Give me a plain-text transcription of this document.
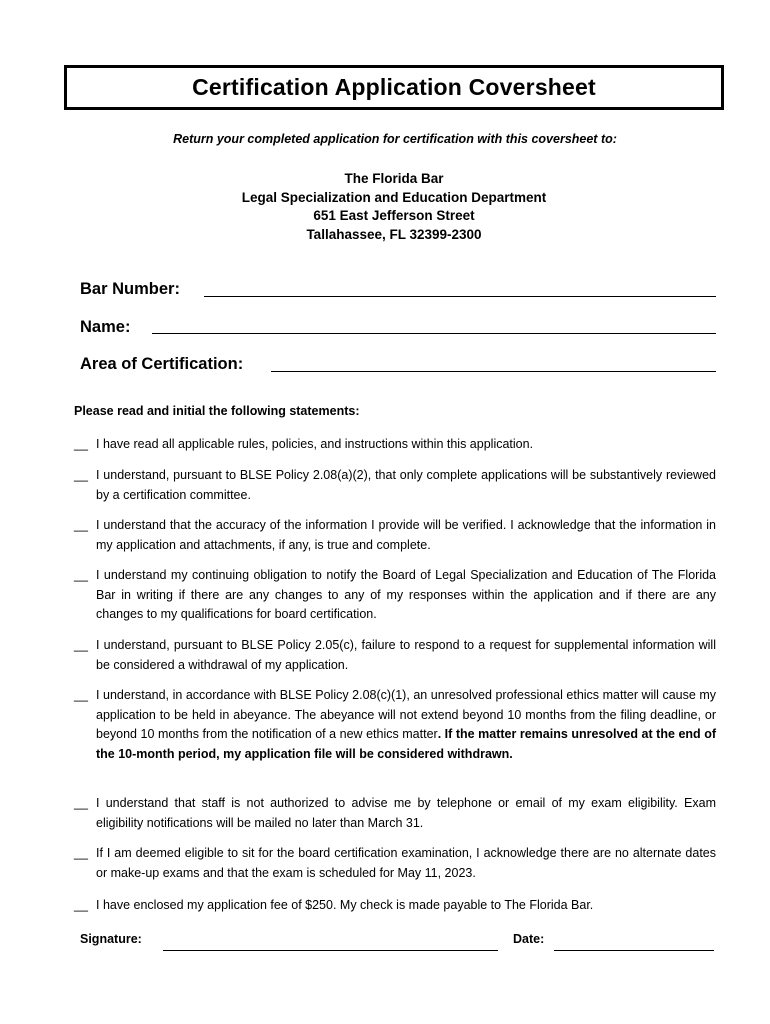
Certification Application Coversheet
Return your completed application for certification with this coversheet to:
The Florida Bar
Legal Specialization and Education Department
651 East Jefferson Street
Tallahassee, FL 32399-2300
Bar Number:
Name:
Area of Certification:
Please read and initial the following statements:
__ I have read all applicable rules, policies, and instructions within this application.
__ I understand, pursuant to BLSE Policy 2.08(a)(2), that only complete applications will be substantively reviewed by a certification committee.
__ I understand that the accuracy of the information I provide will be verified. I acknowledge that the information in my application and attachments, if any, is true and complete.
__ I understand my continuing obligation to notify the Board of Legal Specialization and Education of The Florida Bar in writing if there are any changes to any of my responses within the application and if there are any changes to my qualifications for board certification.
__ I understand, pursuant to BLSE Policy 2.05(c), failure to respond to a request for supplemental information will be considered a withdrawal of my application.
__ I understand, in accordance with BLSE Policy 2.08(c)(1), an unresolved professional ethics matter will cause my application to be held in abeyance. The abeyance will not extend beyond 10 months from the filing deadline, or beyond 10 months from the notification of a new ethics matter. If the matter remains unresolved at the end of the 10-month period, my application file will be considered withdrawn.
__ I understand that staff is not authorized to advise me by telephone or email of my exam eligibility. Exam eligibility notifications will be mailed no later than March 31.
__ If I am deemed eligible to sit for the board certification examination, I acknowledge there are no alternate dates or make-up exams and that the exam is scheduled for May 11, 2023.
__ I have enclosed my application fee of $250. My check is made payable to The Florida Bar.
Signature:	Date:
